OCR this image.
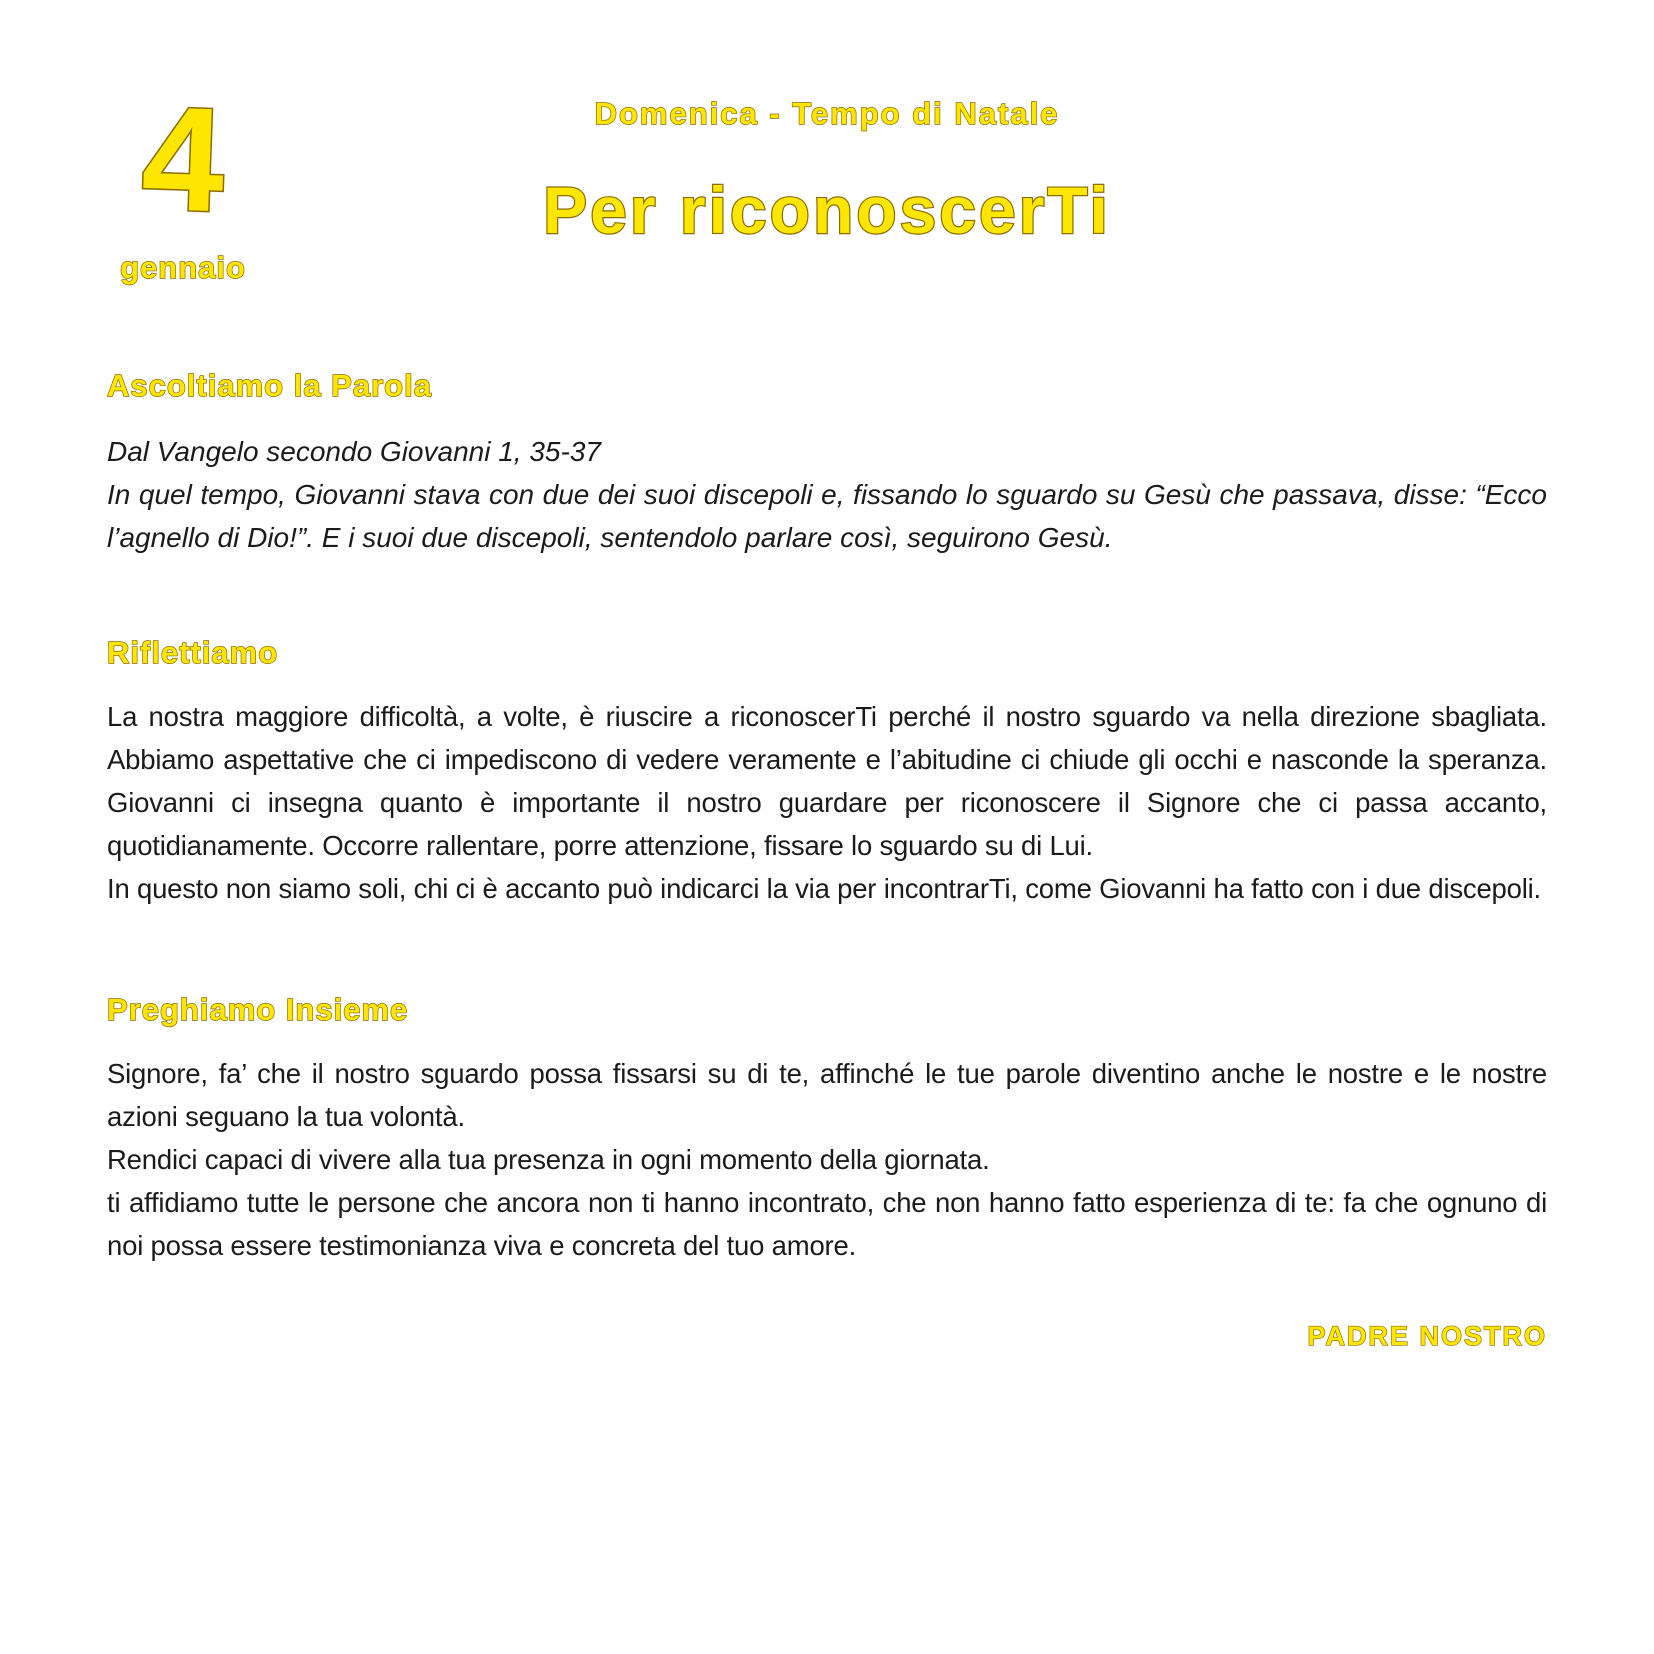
4
gennaio
Domenica - Tempo di Natale
Per riconoscerTi
Ascoltiamo la Parola
Dal Vangelo secondo Giovanni 1, 35-37
In quel tempo, Giovanni stava con due dei suoi discepoli e, fissando lo sguardo su Gesù che passava, disse: “Ecco l’agnello di Dio!”. E i suoi due discepoli, sentendolo parlare così, seguirono Gesù.
Riflettiamo

La nostra maggiore difficoltà, a volte, è riuscire a riconoscerTi perché il nostro sguardo va nella direzione sbagliata. Abbiamo aspettative che ci impediscono di vedere veramente e l’abitudine ci chiude gli occhi e nasconde la speranza. Giovanni ci insegna quanto è importante il nostro guardare per riconoscere il Signore che ci passa accanto, quotidianamente. Occorre rallentare, porre attenzione, fissare lo sguardo su di Lui.

In questo non siamo soli, chi ci è accanto può indicarci la via per incontrarTi, come Giovanni ha fatto con i due discepoli.

Preghiamo Insieme

Signore, fa’ che il nostro sguardo possa fissarsi su di te, affinché le tue parole diventino anche le nostre e le nostre azioni seguano la tua volontà.

Rendici capaci di vivere alla tua presenza in ogni momento della giornata.

ti affidiamo tutte le persone che ancora non ti hanno incontrato, che non hanno fatto esperienza di te: fa che ognuno di noi possa essere testimonianza viva e concreta del tuo amore.

PADRE NOSTRO
